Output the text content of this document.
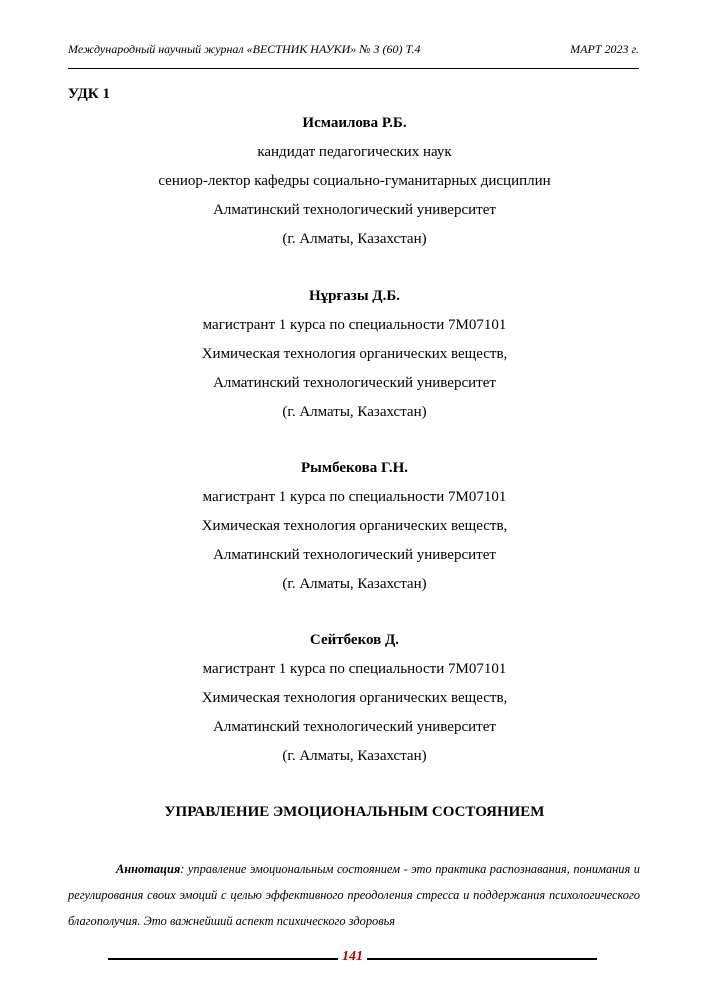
Международный научный журнал «ВЕСТНИК НАУКИ» № 3 (60) Т.4	МАРТ 2023 г.
УДК 1
Исмаилова Р.Б.
кандидат педагогических наук
сениор-лектор кафедры социально-гуманитарных дисциплин
Алматинский технологический университет
(г. Алматы, Казахстан)
Нұрғазы Д.Б.
магистрант 1 курса по специальности 7М07101
Химическая технология органических веществ,
Алматинский технологический университет
(г. Алматы, Казахстан)
Рымбекова Г.Н.
магистрант 1 курса по специальности 7М07101
Химическая технология органических веществ,
Алматинский технологический университет
(г. Алматы, Казахстан)
Сейтбеков Д.
магистрант 1 курса по специальности 7М07101
Химическая технология органических веществ,
Алматинский технологический университет
(г. Алматы, Казахстан)
УПРАВЛЕНИЕ ЭМОЦИОНАЛЬНЫМ СОСТОЯНИЕМ
Аннотация: управление эмоциональным состоянием - это практика распознавания, понимания и регулирования своих эмоций с целью эффективного преодоления стресса и поддержания психологического благополучия. Это важнейший аспект психического здоровья
141
